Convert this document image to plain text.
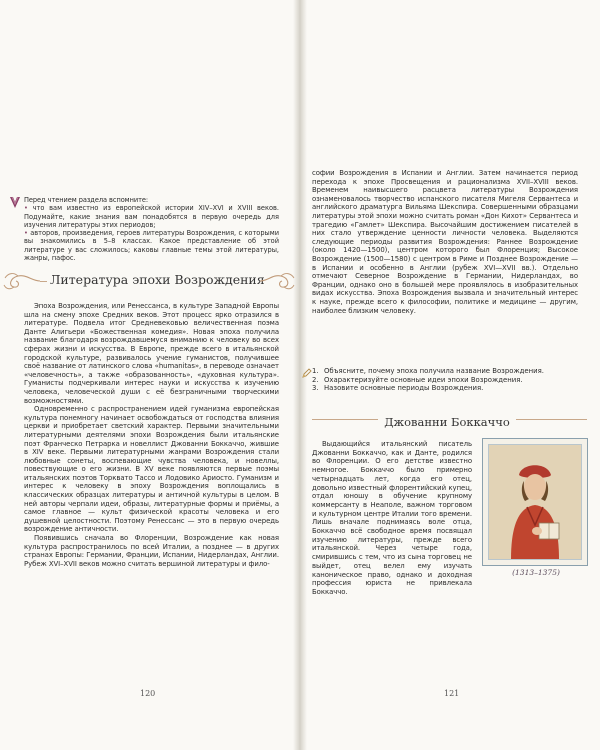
Перед чтением раздела вспомните:

• что вам известно из европейской истории XIV–XVI и XVIII веков. Подумайте, какие знания вам понадобятся в первую очередь для изучения литературы этих периодов;
• авторов, произведения, героев литературы Возрождения, с которыми вы знакомились в 5–8 классах. Какое представление об этой литературе у вас сложилось; каковы главные темы этой литературы, жанры, пафос.
Литература эпохи Возрождения

Эпоха Возрождения, или Ренессанса, в культуре Западной Европы шла на смену эпохе Средних веков. Этот процесс ярко отразился в литературе. Подвела итог Средневековью величественная поэма Данте Алигьери «Божественная комедия». Новая эпоха получила название благодаря возрождавшемуся вниманию к человеку во всех сферах жизни и искусства. В Европе, прежде всего в итальянской городской культуре, развивалось учение гуманистов, получившее своё название от латинского слова «humanitas», в переводе означает «человечность», а также «образованность», «духовная культура». Гуманисты подчеркивали интерес науки и искусства к изучению человека, человеческой души с её безграничными творческими возможностями.

Одновременно с распространением идей гуманизма европейская культура понемногу начинает освобождаться от господства влияния церкви и приобретает светский характер. Первыми значительными литературными деятелями эпохи Возрождения были итальянские поэт Франческо Петрарка и новеллист Джованни Боккаччо, жившие в XIV веке. Первыми литературными жанрами Возрождения стали любовные сонеты, воспевающие чувства человека, и новеллы, повествующие о его жизни. В XV веке появляются первые поэмы итальянских поэтов Торквато Тассо и Лодовико Ариосто. Гуманизм и интерес к человеку в эпоху Возрождения воплощались в классических образцах литературы и античной культуры в целом. В ней авторы черпали идеи, образы, литературные формы и приёмы, а самое главное — культ физической красоты человека и его душевной целостности. Поэтому Ренессанс — это в первую очередь возрождение античности.

Появившись сначала во Флоренции, Возрождение как новая культура распространилось по всей Италии, а позднее — в других странах Европы: Германии, Франции, Испании, Нидерландах, Англии. Рубеж XVI–XVII веков можно считать вершиной литературы и фило-

120

софии Возрождения в Испании и Англии. Затем начинается период перехода к эпохе Просвещения и рационализма XVII–XVIII веков. Временем наивысшего расцвета литературы Возрождения ознаменовалось творчество испанского писателя Мигеля Сервантеса и английского драматурга Вильяма Шекспира. Совершенными образцами литературы этой эпохи можно считать роман «Дон Кихот» Сервантеса и трагедию «Гамлет» Шекспира. Высочайшим достижением писателей в них стало утверждение ценности личности человека. Выделяются следующие периоды развития Возрождения: Раннее Возрождение (около 1420—1500), центром которого был Флоренция; Высокое Возрождение (1500—1580) с центром в Риме и Позднее Возрождение — в Испании и особенно в Англии (рубеж XVI—XVII вв.). Отдельно отмечают Северное Возрождение в Германии, Нидерландах, во Франции, однако оно в большей мере проявлялось в изобразительных видах искусства. Эпоха Возрождения вызвала и значительный интерес к науке, прежде всего к философии, политике и медицине — другим, наиболее близким человеку.

1. Объясните, почему эпоха получила название Возрождения.
2. Охарактеризуйте основные идеи эпохи Возрождения.
3. Назовите основные периоды Возрождения.
Джованни Боккаччо

Выдающийся итальянский писатель Джованни Боккаччо, как и Данте, родился во Флоренции. О его детстве известно немногое. Боккаччо было примерно четырнадцать лет, когда его отец, довольно известный флорентийский купец, отдал юношу в обучение крупному коммерсанту в Неаполе, важном торговом и культурном центре Италии того времени. Лишь вначале поднимаясь воле отца, Боккаччо всё свободное время посвящал изучению литературы, прежде всего итальянской. Через четыре года, смирившись с тем, что из сына торговец не выйдет, отец велел ему изучать каноническое право, однако и доходная профессия юриста не привлекала Боккаччо.

(1313–1375)
121
